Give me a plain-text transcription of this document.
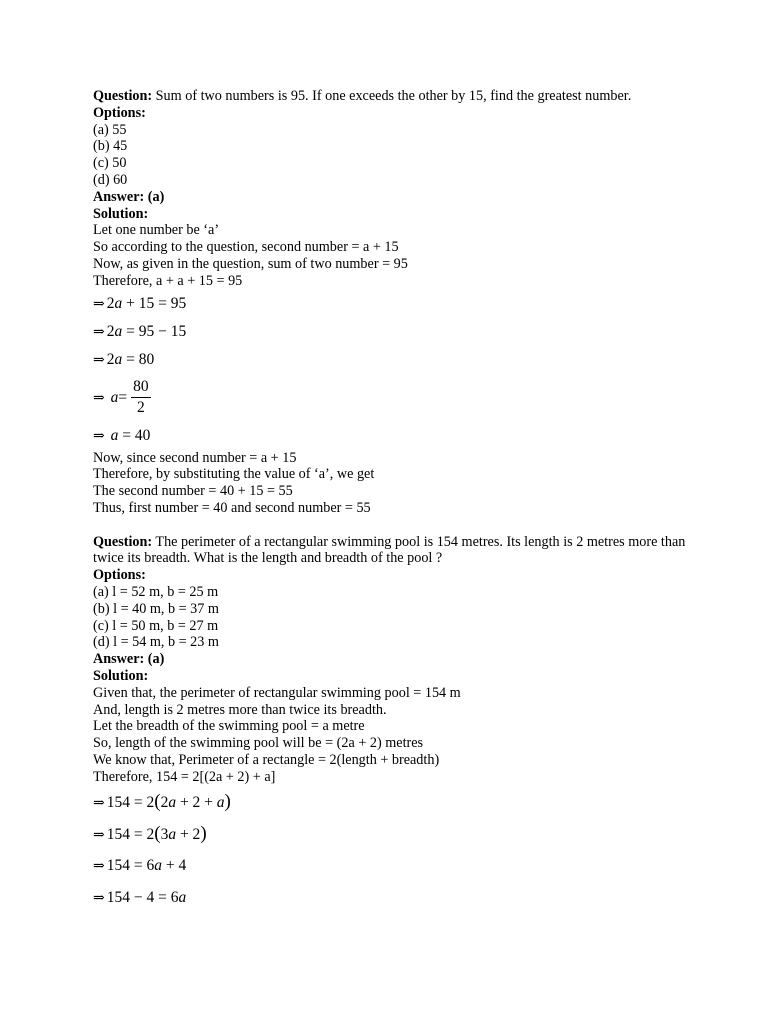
Question: Sum of two numbers is 95. If one exceeds the other by 15, find the greatest number.
Options:
(a) 55
(b) 45
(c) 50
(d) 60
Answer: (a)
Solution:
Let one number be ‘a’
So according to the question, second number = a + 15
Now, as given in the question, sum of two number = 95
Therefore, a + a + 15 = 95
⇒ 2a + 15 = 95
⇒ 2a = 95 − 15
⇒ 2a = 80
⇒
$a = \frac{80}{2}$
⇒ a = 40
Now, since second number = a + 15
Therefore, by substituting the value of ‘a’, we get
The second number = 40 + 15 = 55
Thus, first number = 40 and second number = 55
Question: The perimeter of a rectangular swimming pool is 154 metres. Its length is 2 metres more than twice its breadth. What is the length and breadth of the pool ?
Options:
(a) l = 52 m, b = 25 m
(b) l = 40 m, b = 37 m
(c) l = 50 m, b = 27 m
(d) l = 54 m, b = 23 m
Answer: (a)
Solution:
Given that, the perimeter of rectangular swimming pool = 154 m
And, length is 2 metres more than twice its breadth.
Let the breadth of the swimming pool = a metre
So, length of the swimming pool will be = (2a + 2) metres
We know that, Perimeter of a rectangle = 2(length + breadth)
Therefore, 154 = 2[(2a + 2) + a]
⇒ 154 = 2(2a + 2 + a)
⇒ 154 = 2(3a + 2)
⇒ 154 = 6a + 4
⇒ 154 − 4 = 6a
